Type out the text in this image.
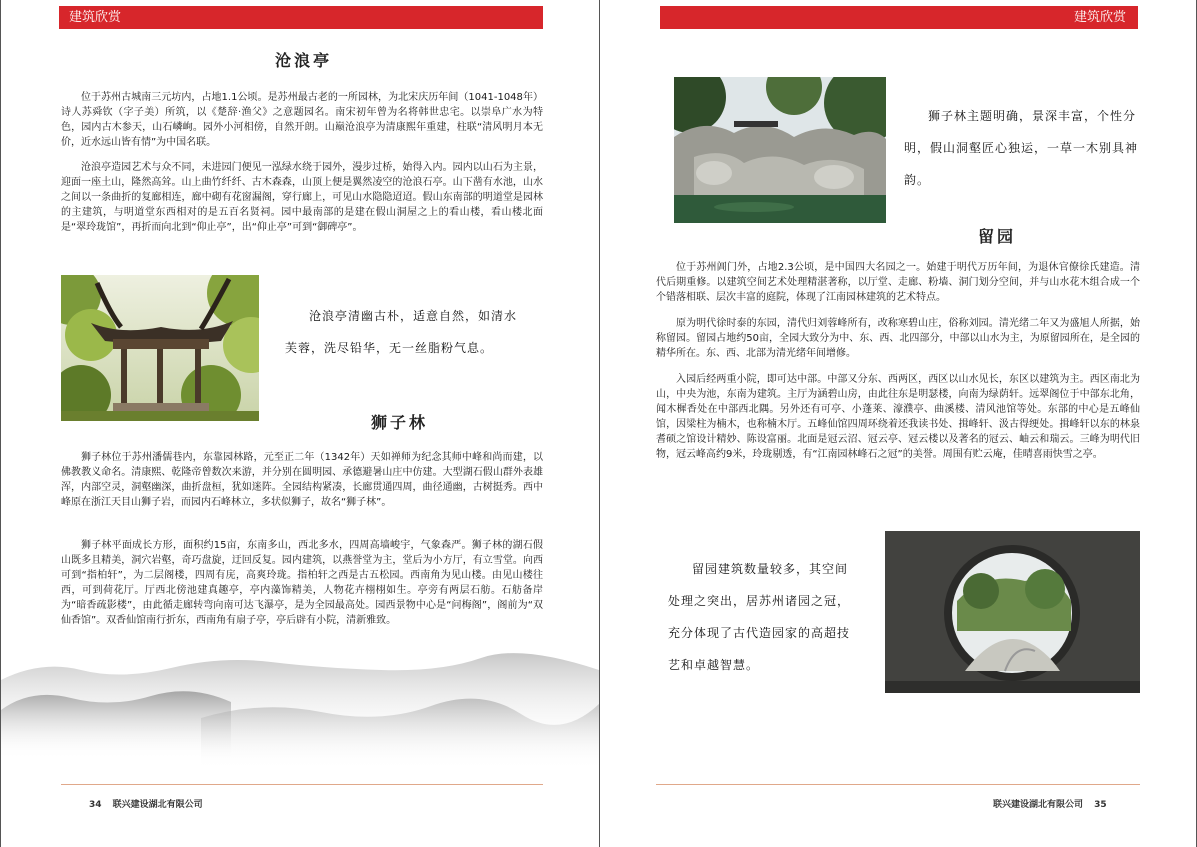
建筑欣赏
沧浪亭

位于苏州古城南三元坊内，占地1.1公顷。是苏州最古老的一所园林，为北宋庆历年间（1041-1048年）诗人苏舜钦（字子美）所筑，以《楚辞·渔父》之意题园名。南宋初年曾为名将韩世忠宅。以崇阜广水为特色，园内古木参天，山石嶙峋。园外小河相傍，自然开朗。山巅沧浪亭为清康熙年重建，柱联“清风明月本无价，近水远山皆有情”为中国名联。

沧浪亭造园艺术与众不同，未进园门便见一泓绿水绕于园外，漫步过桥，始得入内。园内以山石为主景，迎面一座土山，隆然高耸。山上曲竹纤纤、古木森森，山顶上便是翼然凌空的沧浪石亭。山下凿有水池，山水之间以一条曲折的复廊相连，廊中砌有花窗漏阁，穿行廊上，可见山水隐隐迢迢。假山东南部的明道堂是园林的主建筑，与明道堂东西相对的是五百名贤祠。园中最南部的是建在假山洞屋之上的看山楼，看山楼北面是“翠玲珑馆”，再折而向北到“仰止亭”，出“仰止亭”可到“御碑亭”。

沧浪亭清幽古朴，适意自然，如清水芙蓉，洗尽铅华，无一丝脂粉气息。

狮子林

狮子林位于苏州潘儒巷内，东靠园林路，元至正二年（1342年）天如禅师为纪念其师中峰和尚而建，以佛教教义命名。清康熙、乾隆帝曾数次来游，并分别在圆明园、承德避暑山庄中仿建。大型湖石假山群外表雄浑，内部空灵，洞壑幽深，曲折盘桓，犹如迷阵。全园结构紧凑，长廊贯通四周，曲径通幽，古树挺秀。西中峰原在浙江天目山狮子岩，而园内石峰林立，多状似狮子，故名“狮子林”。

狮子林平面成长方形，面积约15亩，东南多山，西北多水，四周高墙峻宇，气象森严。狮子林的湖石假山既多且精美，洞穴岩壑，奇巧盘旋，迂回反复。园内建筑，以燕誉堂为主，堂后为小方厅，有立雪堂。向西可到“指柏轩”，为二层阁楼，四周有庑，高爽玲珑。指柏轩之西是古五松园。西南角为见山楼。由见山楼往西，可到荷花厅。厅西北傍池建真趣亭，亭内藻饰精美，人物花卉栩栩如生。亭旁有两层石舫。石舫备岸为“暗香疏影楼”，由此循走廊转弯向南可达飞瀑亭，是为全园最高处。园西景物中心是“问梅阁”，阁前为“双仙香馆”。双香仙馆南行折东，西南角有扇子亭，亭后辟有小院，清新雅致。

34 联兴建设湖北有限公司
建筑欣赏

狮子林主题明确，景深丰富，个性分明，假山洞壑匠心独运，一草一木别具神韵。

留园

位于苏州阊门外，占地2.3公顷，是中国四大名园之一。始建于明代万历年间，为退休官僚徐氏建造。清代后期重修。以建筑空间艺术处理精湛著称，以厅堂、走廊、粉墙、洞门划分空间，并与山水花木组合成一个个错落相联、层次丰富的庭院，体现了江南园林建筑的艺术特点。

原为明代徐时泰的东园，清代归刘蓉峰所有，改称寒碧山庄，俗称刘园。清光绪二年又为盛旭人所据，始称留园。留园占地约50亩，全园大致分为中、东、西、北四部分，中部以山水为主，为原留园所在，是全园的精华所在。东、西、北部为清光绪年间增修。

入园后经两重小院，即可达中部。中部又分东、西两区，西区以山水见长，东区以建筑为主。西区南北为山，中央为池，东南为建筑。主厅为涵碧山房，由此往东是明瑟楼，向南为绿荫轩。远翠阁位于中部东北角，闻木樨香处在中部西北隅。另外还有可亭、小蓬莱、濠濮亭、曲溪楼、清风池馆等处。东部的中心是五峰仙馆，因梁柱为楠木，也称楠木厅。五峰仙馆四周环绕着还我读书处、揖峰轩、汲古得绠处。揖峰轩以东的林泉耆硕之馆设计精妙、陈设富丽。北面是冠云沼、冠云亭、冠云楼以及著名的冠云、岫云和瑞云。三峰为明代旧物，冠云峰高约9米，玲珑剔透，有“江南园林峰石之冠”的美誉。周围有贮云庵，佳晴喜雨快雪之亭。

留园建筑数量较多，其空间处理之突出，居苏州诸园之冠，充分体现了古代造园家的高超技艺和卓越智慧。

联兴建设湖北有限公司 35
